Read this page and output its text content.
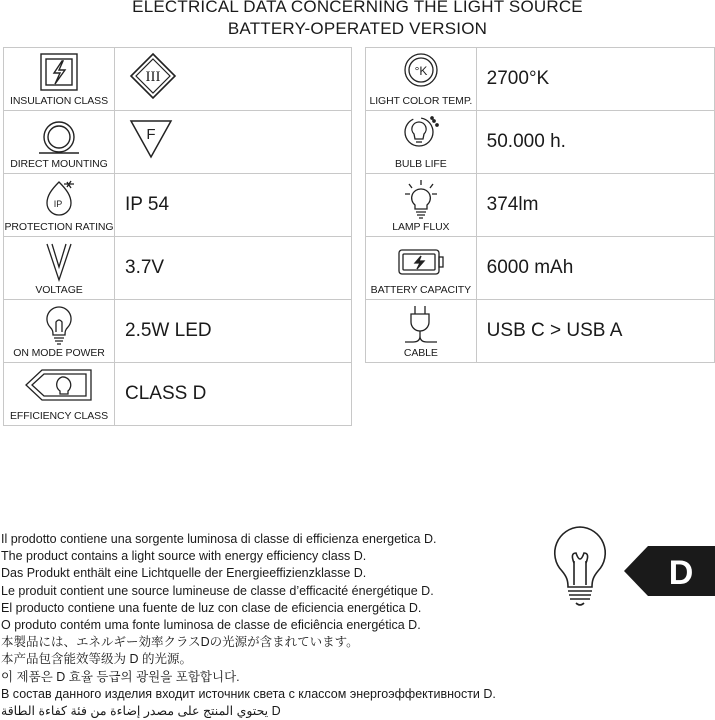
ELECTRICAL DATA CONCERNING THE LIGHT SOURCE
BATTERY-OPERATED VERSION
INSULATION CLASS	III

DIRECT MOUNTING	F

IP
PROTECTION RATING	IP 54

VOLTAGE	3.7V

ON MODE POWER	2.5W LED

EFFICIENCY CLASS	CLASS D
°K
LIGHT COLOR TEMP.	2700°K

BULB LIFE	50.000 h.

LAMP FLUX	374lm

BATTERY CAPACITY	6000 mAh

CABLE	USB C > USB A
Il prodotto contiene una sorgente luminosa di classe di efficienza energetica D.
The product contains a light source with energy efficiency class D.
Das Produkt enthält eine Lichtquelle der Energieeffizienzklasse D.
Le produit contient une source lumineuse de classe d’efficacité énergétique D.
El producto contiene una fuente de luz con clase de eficiencia energética D.
O produto contém uma fonte luminosa de classe de eficiência energética D.
本製品には、エネルギー効率クラスDの光源が含まれています。
本产品包含能效等级为 D 的光源。
이 제품은 D 효율 등급의 광원을 포함합니다.
В состав данного изделия входит источник света с классом энергоэффективности D.
D يحتوي المنتج على مصدر إضاءة من فئة كفاءة الطاقة
D
